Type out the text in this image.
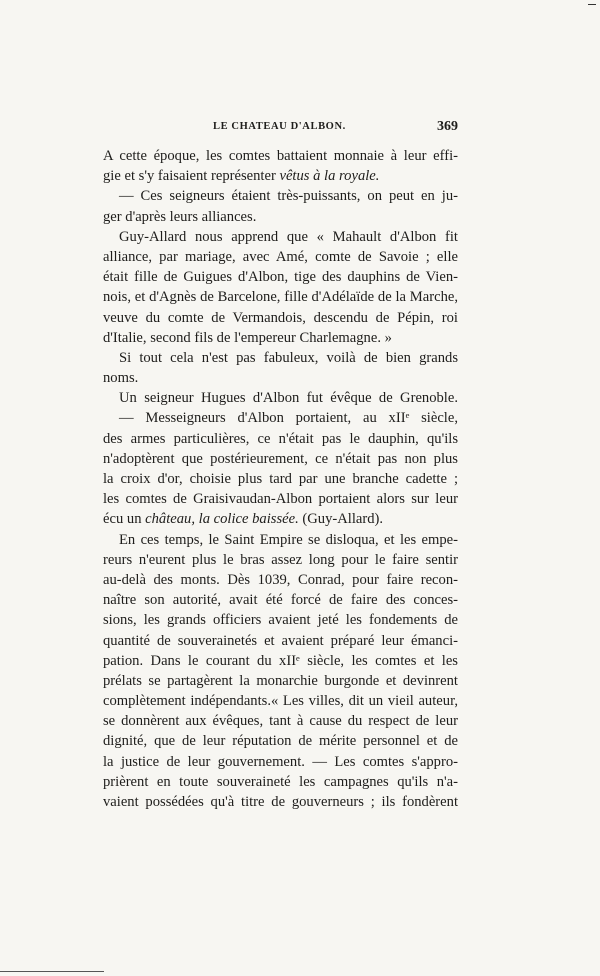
LE CHATEAU D'ALBON.	369
A cette époque, les comtes battaient monnaie à leur effi-
gie et s'y faisaient représenter vêtus à la royale.
— Ces seigneurs étaient très-puissants, on peut en ju-
ger d'après leurs alliances.
Guy-Allard nous apprend que « Mahault d'Albon fit
alliance, par mariage, avec Amé, comte de Savoie ; elle
était fille de Guigues d'Albon, tige des dauphins de Vien-
nois, et d'Agnès de Barcelone, fille d'Adélaïde de la Marche,
veuve du comte de Vermandois, descendu de Pépin, roi
d'Italie, second fils de l'empereur Charlemagne. »
Si tout cela n'est pas fabuleux, voilà de bien grands
noms.
Un seigneur Hugues d'Albon fut évêque de Grenoble.
— Messeigneurs d'Albon portaient, au xIIᵉ siècle,
des armes particulières, ce n'était pas le dauphin, qu'ils
n'adoptèrent que postérieurement, ce n'était pas non plus
la croix d'or, choisie plus tard par une branche cadette ;
les comtes de Graisivaudan-Albon portaient alors sur leur
écu un château, la colice baissée. (Guy-Allard).
En ces temps, le Saint Empire se disloqua, et les empe-
reurs n'eurent plus le bras assez long pour le faire sentir
au-delà des monts. Dès 1039, Conrad, pour faire recon-
naître son autorité, avait été forcé de faire des conces-
sions, les grands officiers avaient jeté les fondements de
quantité de souverainetés et avaient préparé leur émanci-
pation. Dans le courant du xIIᵉ siècle, les comtes et les
prélats se partagèrent la monarchie burgonde et devinrent
complètement indépendants.« Les villes, dit un vieil auteur,
se donnèrent aux évêques, tant à cause du respect de leur
dignité, que de leur réputation de mérite personnel et de
la justice de leur gouvernement. — Les comtes s'appro-
prièrent en toute souveraineté les campagnes qu'ils n'a-
vaient possédées qu'à titre de gouverneurs ; ils fondèrent
